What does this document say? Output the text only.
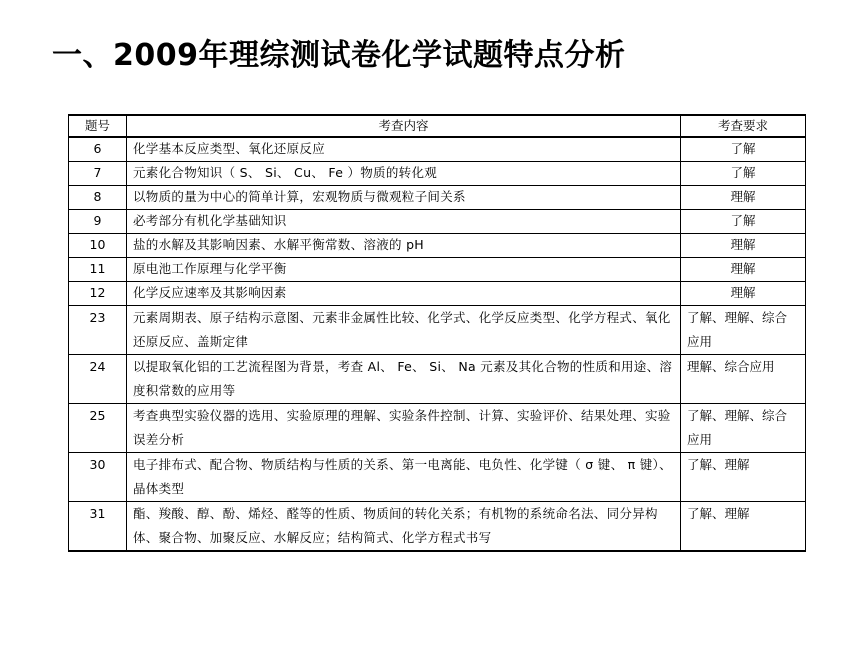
一、2009年理综测试卷化学试题特点分析
题号	考查内容	考查要求
6	化学基本反应类型、氧化还原反应	了解
7	元素化合物知识（ S、 Si、 Cu、 Fe ）物质的转化观	了解
8	以物质的量为中心的简单计算，宏观物质与微观粒子间关系	理解
9	必考部分有机化学基础知识	了解
10	盐的水解及其影响因素、水解平衡常数、溶液的 pH	理解
11	原电池工作原理与化学平衡	理解
12	化学反应速率及其影响因素	理解
23	元素周期表、原子结构示意图、元素非金属性比较、化学式、化学反应类型、化学方程式、氧化还原反应、盖斯定律	了解、理解、综合应用
24	以提取氧化铝的工艺流程图为背景，考查 Al、 Fe、 Si、 Na 元素及其化合物的性质和用途、溶度积常数的应用等	理解、综合应用
25	考查典型实验仪器的选用、实验原理的理解、实验条件控制、计算、实验评价、结果处理、实验误差分析	了解、理解、综合应用
30	电子排布式、配合物、物质结构与性质的关系、第一电离能、电负性、化学键（ σ 键、 π 键）、晶体类型	了解、理解
31	酯、羧酸、醇、酚、烯烃、醛等的性质、物质间的转化关系；有机物的系统命名法、同分异构体、聚合物、加聚反应、水解反应；结构简式、化学方程式书写	了解、理解
